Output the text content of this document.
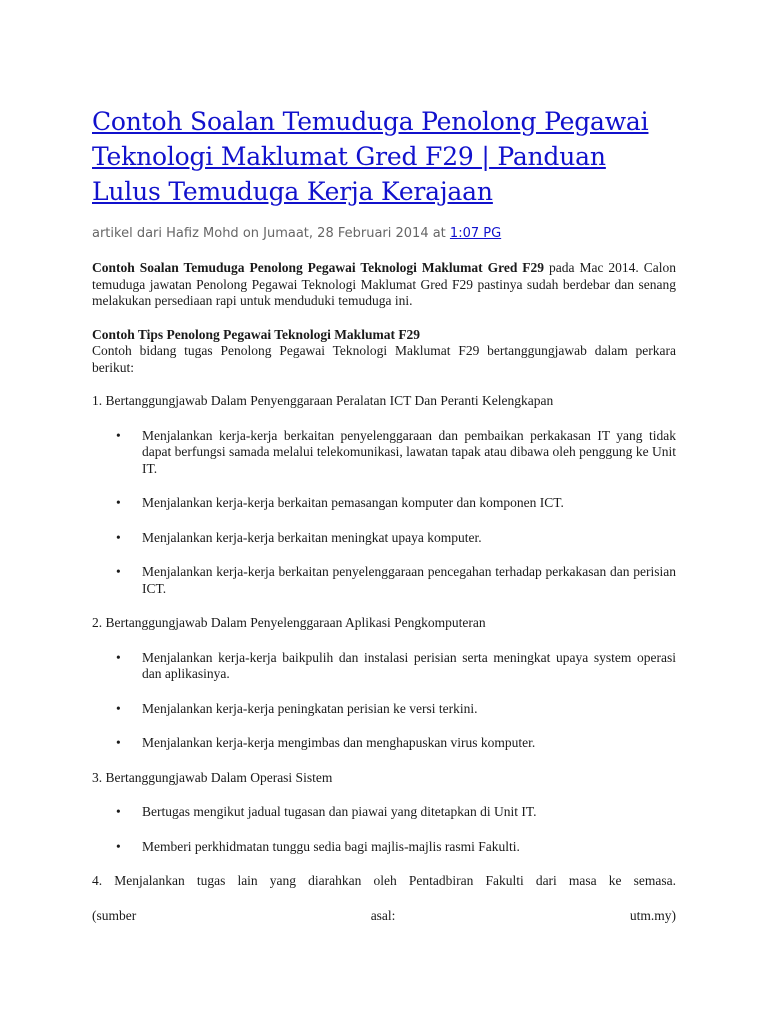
Contoh Soalan Temuduga Penolong Pegawai Teknologi Maklumat Gred F29 | Panduan Lulus Temuduga Kerja Kerajaan
artikel dari Hafiz Mohd on Jumaat, 28 Februari 2014 at 1:07 PG

Contoh Soalan Temuduga Penolong Pegawai Teknologi Maklumat Gred F29 pada Mac 2014. Calon temuduga jawatan Penolong Pegawai Teknologi Maklumat Gred F29 pastinya sudah berdebar dan senang melakukan persediaan rapi untuk menduduki temuduga ini.

Contoh Tips Penolong Pegawai Teknologi Maklumat F29
Contoh bidang tugas Penolong Pegawai Teknologi Maklumat F29 bertanggungjawab dalam perkara berikut:
1. Bertanggungjawab Dalam Penyenggaraan Peralatan ICT Dan Peranti Kelengkapan
• Menjalankan kerja-kerja berkaitan penyelenggaraan dan pembaikan perkakasan IT yang tidak dapat berfungsi samada melalui telekomunikasi, lawatan tapak atau dibawa oleh penggung ke Unit IT.
• Menjalankan kerja-kerja berkaitan pemasangan komputer dan komponen ICT.
• Menjalankan kerja-kerja berkaitan meningkat upaya komputer.
• Menjalankan kerja-kerja berkaitan penyelenggaraan pencegahan terhadap perkakasan dan perisian ICT.
2. Bertanggungjawab Dalam Penyelenggaraan Aplikasi Pengkomputeran
• Menjalankan kerja-kerja baikpulih dan instalasi perisian serta meningkat upaya system operasi dan aplikasinya.
• Menjalankan kerja-kerja peningkatan perisian ke versi terkini.
• Menjalankan kerja-kerja mengimbas dan menghapuskan virus komputer.
3. Bertanggungjawab Dalam Operasi Sistem
• Bertugas mengikut jadual tugasan dan piawai yang ditetapkan di Unit IT.
• Memberi perkhidmatan tunggu sedia bagi majlis-majlis rasmi Fakulti.
4. Menjalankan tugas lain yang diarahkan oleh Pentadbiran Fakulti dari masa ke semasa.
(sumber	asal:	utm.my)
